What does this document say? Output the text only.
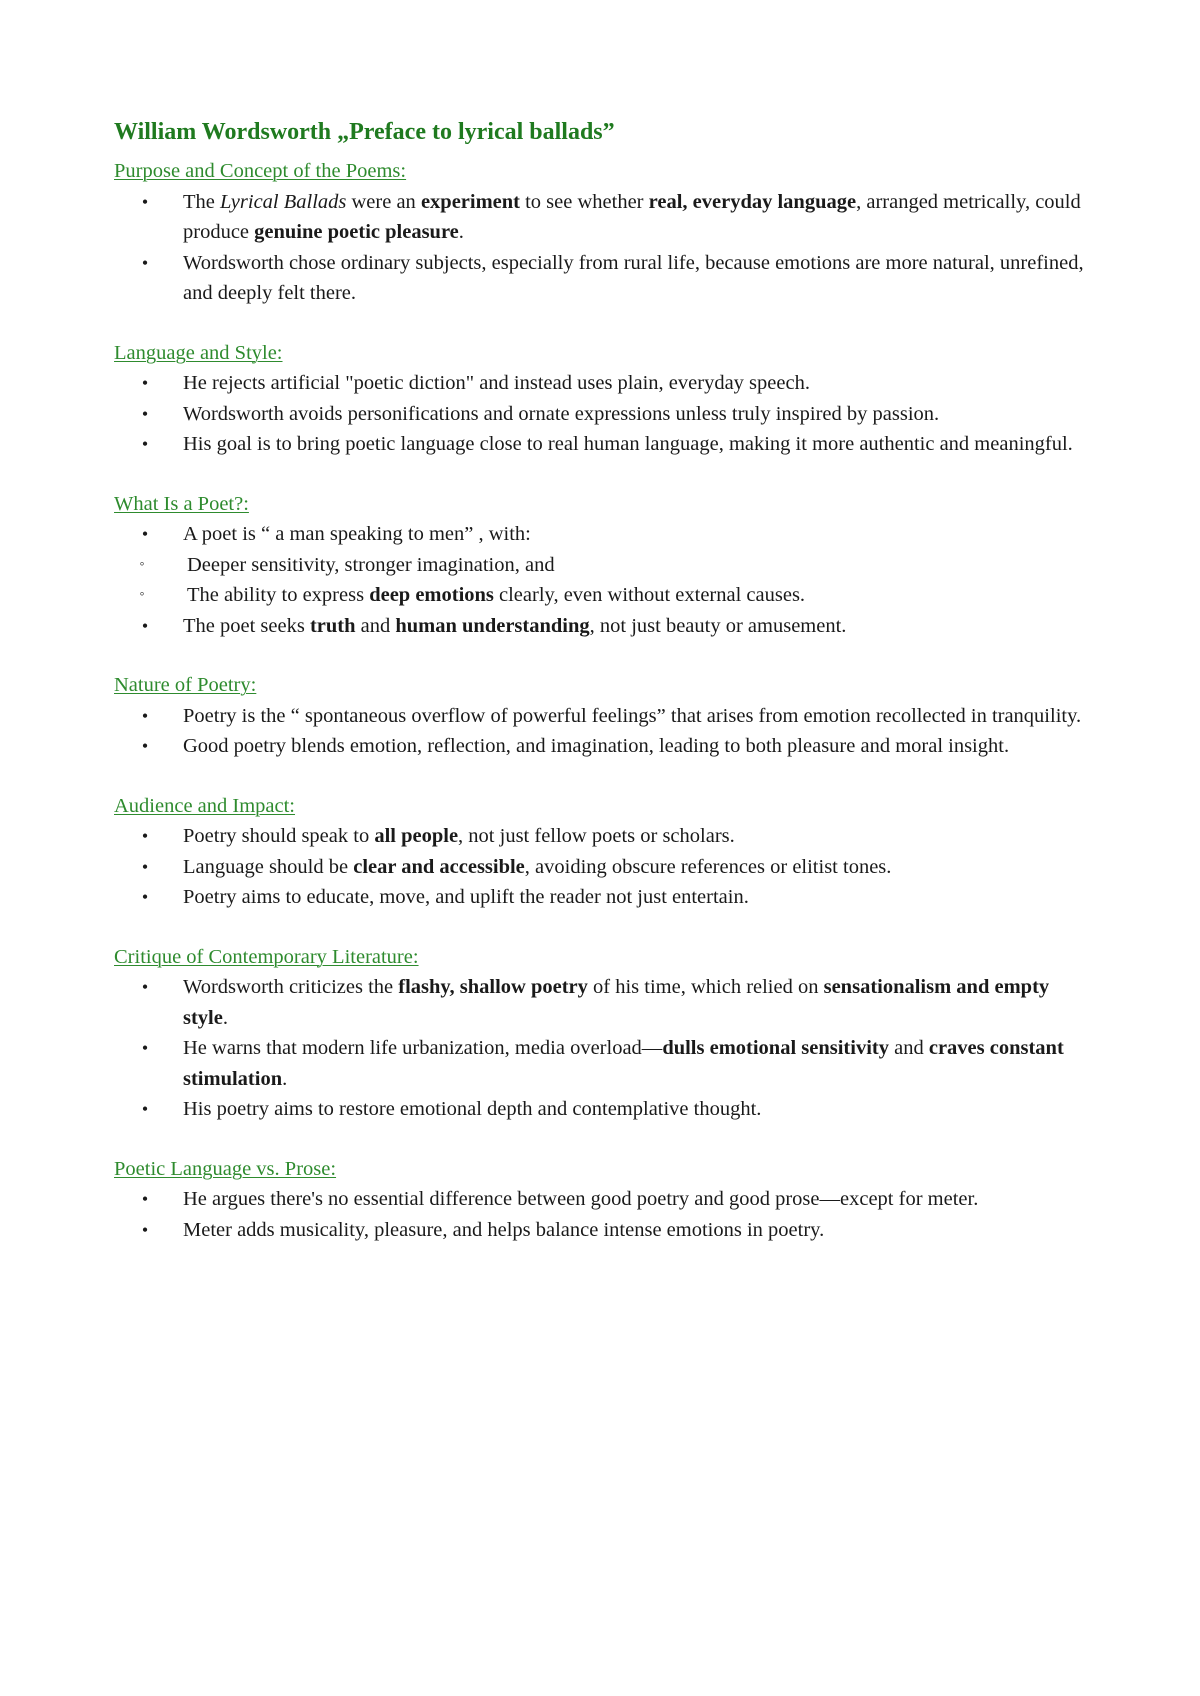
William Wordsworth „Preface to lyrical ballads”
Purpose and Concept of the Poems:
• The Lyrical Ballads were an experiment to see whether real, everyday language, arranged metrically, could produce genuine poetic pleasure.
• Wordsworth chose ordinary subjects, especially from rural life, because emotions are more natural, unrefined, and deeply felt there.
Language and Style:
• He rejects artificial "poetic diction" and instead uses plain, everyday speech.
• Wordsworth avoids personifications and ornate expressions unless truly inspired by passion.
• His goal is to bring poetic language close to real human language, making it more authentic and meaningful.
What Is a Poet?:
• A poet is “ a man speaking to men” , with:
◦ Deeper sensitivity, stronger imagination, and
◦ The ability to express deep emotions clearly, even without external causes.
• The poet seeks truth and human understanding, not just beauty or amusement.
Nature of Poetry:
• Poetry is the “ spontaneous overflow of powerful feelings” that arises from emotion recollected in tranquility.
• Good poetry blends emotion, reflection, and imagination, leading to both pleasure and moral insight.
Audience and Impact:
• Poetry should speak to all people, not just fellow poets or scholars.
• Language should be clear and accessible, avoiding obscure references or elitist tones.
• Poetry aims to educate, move, and uplift the reader not just entertain.
Critique of Contemporary Literature:
• Wordsworth criticizes the flashy, shallow poetry of his time, which relied on sensationalism and empty style.
• He warns that modern life urbanization, media overload—dulls emotional sensitivity and craves constant stimulation.
• His poetry aims to restore emotional depth and contemplative thought.
Poetic Language vs. Prose:
• He argues there's no essential difference between good poetry and good prose—except for meter.
• Meter adds musicality, pleasure, and helps balance intense emotions in poetry.
